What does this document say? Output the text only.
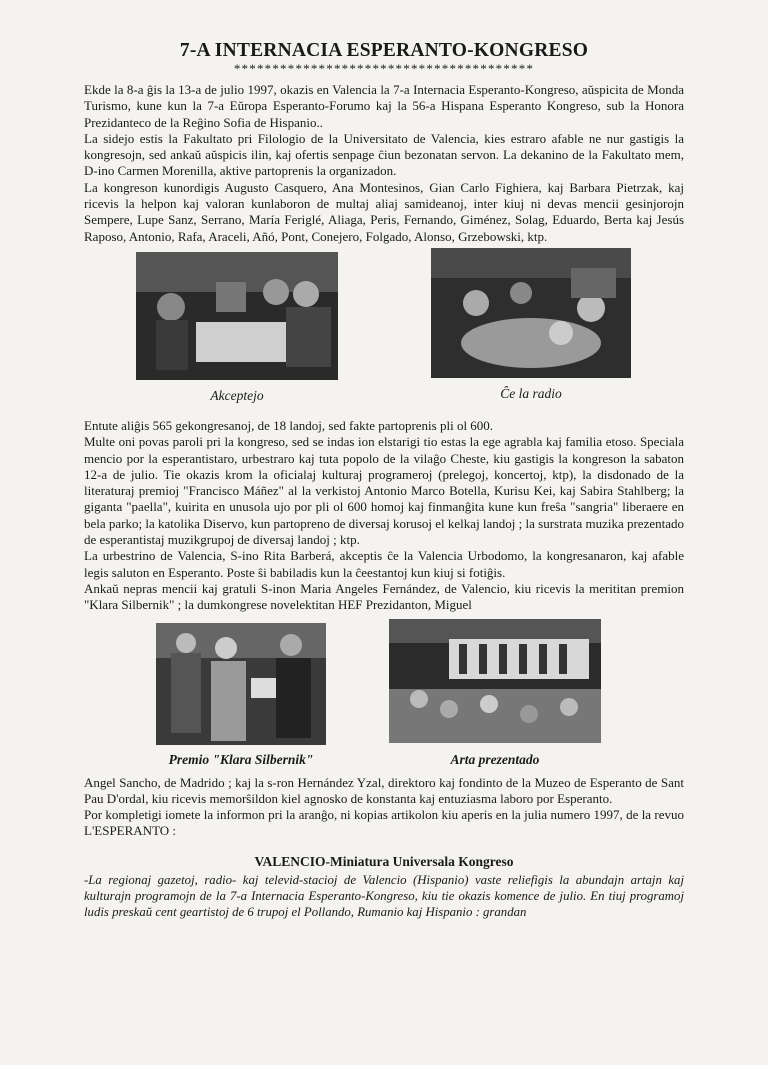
7-A INTERNACIA ESPERANTO-KONGRESO
***************************************

Ekde la 8-a ĝis la 13-a de julio 1997, okazis en Valencia la 7-a Internacia Esperanto-Kongreso, aŭspicita de Monda Turismo, kune kun la 7-a Eŭropa Esperanto-Forumo kaj la 56-a Hispana Esperanto Kongreso, sub la Honora Prezidanteco de la Reĝino Sofia de Hispanio..

La sidejo estis la Fakultato pri Filologio de la Universitato de Valencia, kies estraro afable ne nur gastigis la kongresojn, sed ankaŭ aŭspicis ilin, kaj ofertis senpage ĉiun bezonatan servon. La dekanino de la Fakultato mem, D-ino Carmen Morenilla, aktive partoprenis la organizadon.

La kongreson kunordigis Augusto Casquero, Ana Montesinos, Gian Carlo Fighiera, kaj Barbara Pietrzak, kaj ricevis la helpon kaj valoran kunlaboron de multaj aliaj samideanoj, inter kiuj ni devas mencii gesinjorojn Sempere, Lupe Sanz, Serrano, María Feriglé, Aliaga, Peris, Fernando, Giménez, Solag, Eduardo, Berta kaj Jesús Raposo, Antonio, Rafa, Araceli, Añó, Pont, Conejero, Folgado, Alonso, Grzebowski, ktp.

Akceptejo	Ĉe la radio

Entute aliĝis 565 gekongresanoj, de 18 landoj, sed fakte partoprenis pli ol 600.

Multe oni povas paroli pri la kongreso, sed se indas ion elstarigi tio estas la ege agrabla kaj familia etoso. Speciala mencio por la esperantistaro, urbestraro kaj tuta popolo de la vilaĝo Cheste, kiu gastigis la kongreson la sabaton 12-a de julio. Tie okazis krom la oficialaj kulturaj programeroj (prelegoj, koncertoj, ktp), la disdonado de la literaturaj premioj "Francisco Máñez" al la verkistoj Antonio Marco Botella, Kurisu Kei, kaj Sabira Stahlberg; la giganta "paella", kuirita en unusola ujo por pli ol 600 homoj kaj finmanĝita kune kun freŝa "sangria" liberaere en bela parko; la katolika Diservo, kun partopreno de diversaj korusoj el kelkaj landoj ; la surstrata muzika prezentado de esperantistaj muzikgrupoj de diversaj landoj ; ktp.

La urbestrino de Valencia, S-ino Rita Barberá, akceptis ĉe la Valencia Urbodomo, la kongresanaron, kaj afable legis saluton en Esperanto. Poste ŝi babiladis kun la ĉeestantoj kun kiuj si fotiĝis.

Ankaŭ nepras mencii kaj gratuli S-inon Maria Angeles Fernández, de Valencio, kiu ricevis la merititan premion "Klara Silbernik" ; la dumkongrese novelektitan HEF Prezidanton, Miguel

Premio "Klara Silbernik"	Arta prezentado

Angel Sancho, de Madrido ; kaj la s-ron Hernández Yzal, direktoro kaj fondinto de la Muzeo de Esperanto de Sant Pau D'ordal, kiu ricevis memorŝildon kiel agnosko de konstanta kaj entuziasma laboro por Esperanto.

Por kompletigi iomete la informon pri la aranĝo, ni kopias artikolon kiu aperis en la julia numero 1997, de la revuo L'ESPERANTO :

VALENCIO-Miniatura Universala Kongreso

-La regionaj gazetoj, radio- kaj televid-stacioj de Valencio (Hispanio) vaste reliefigis la abundajn artajn kaj kulturajn programojn de la 7-a Internacia Esperanto-Kongreso, kiu tie okazis komence de julio. En tiuj programoj ludis preskaŭ cent geartistoj de 6 trupoj el Pollando, Rumanio kaj Hispanio : grandan
